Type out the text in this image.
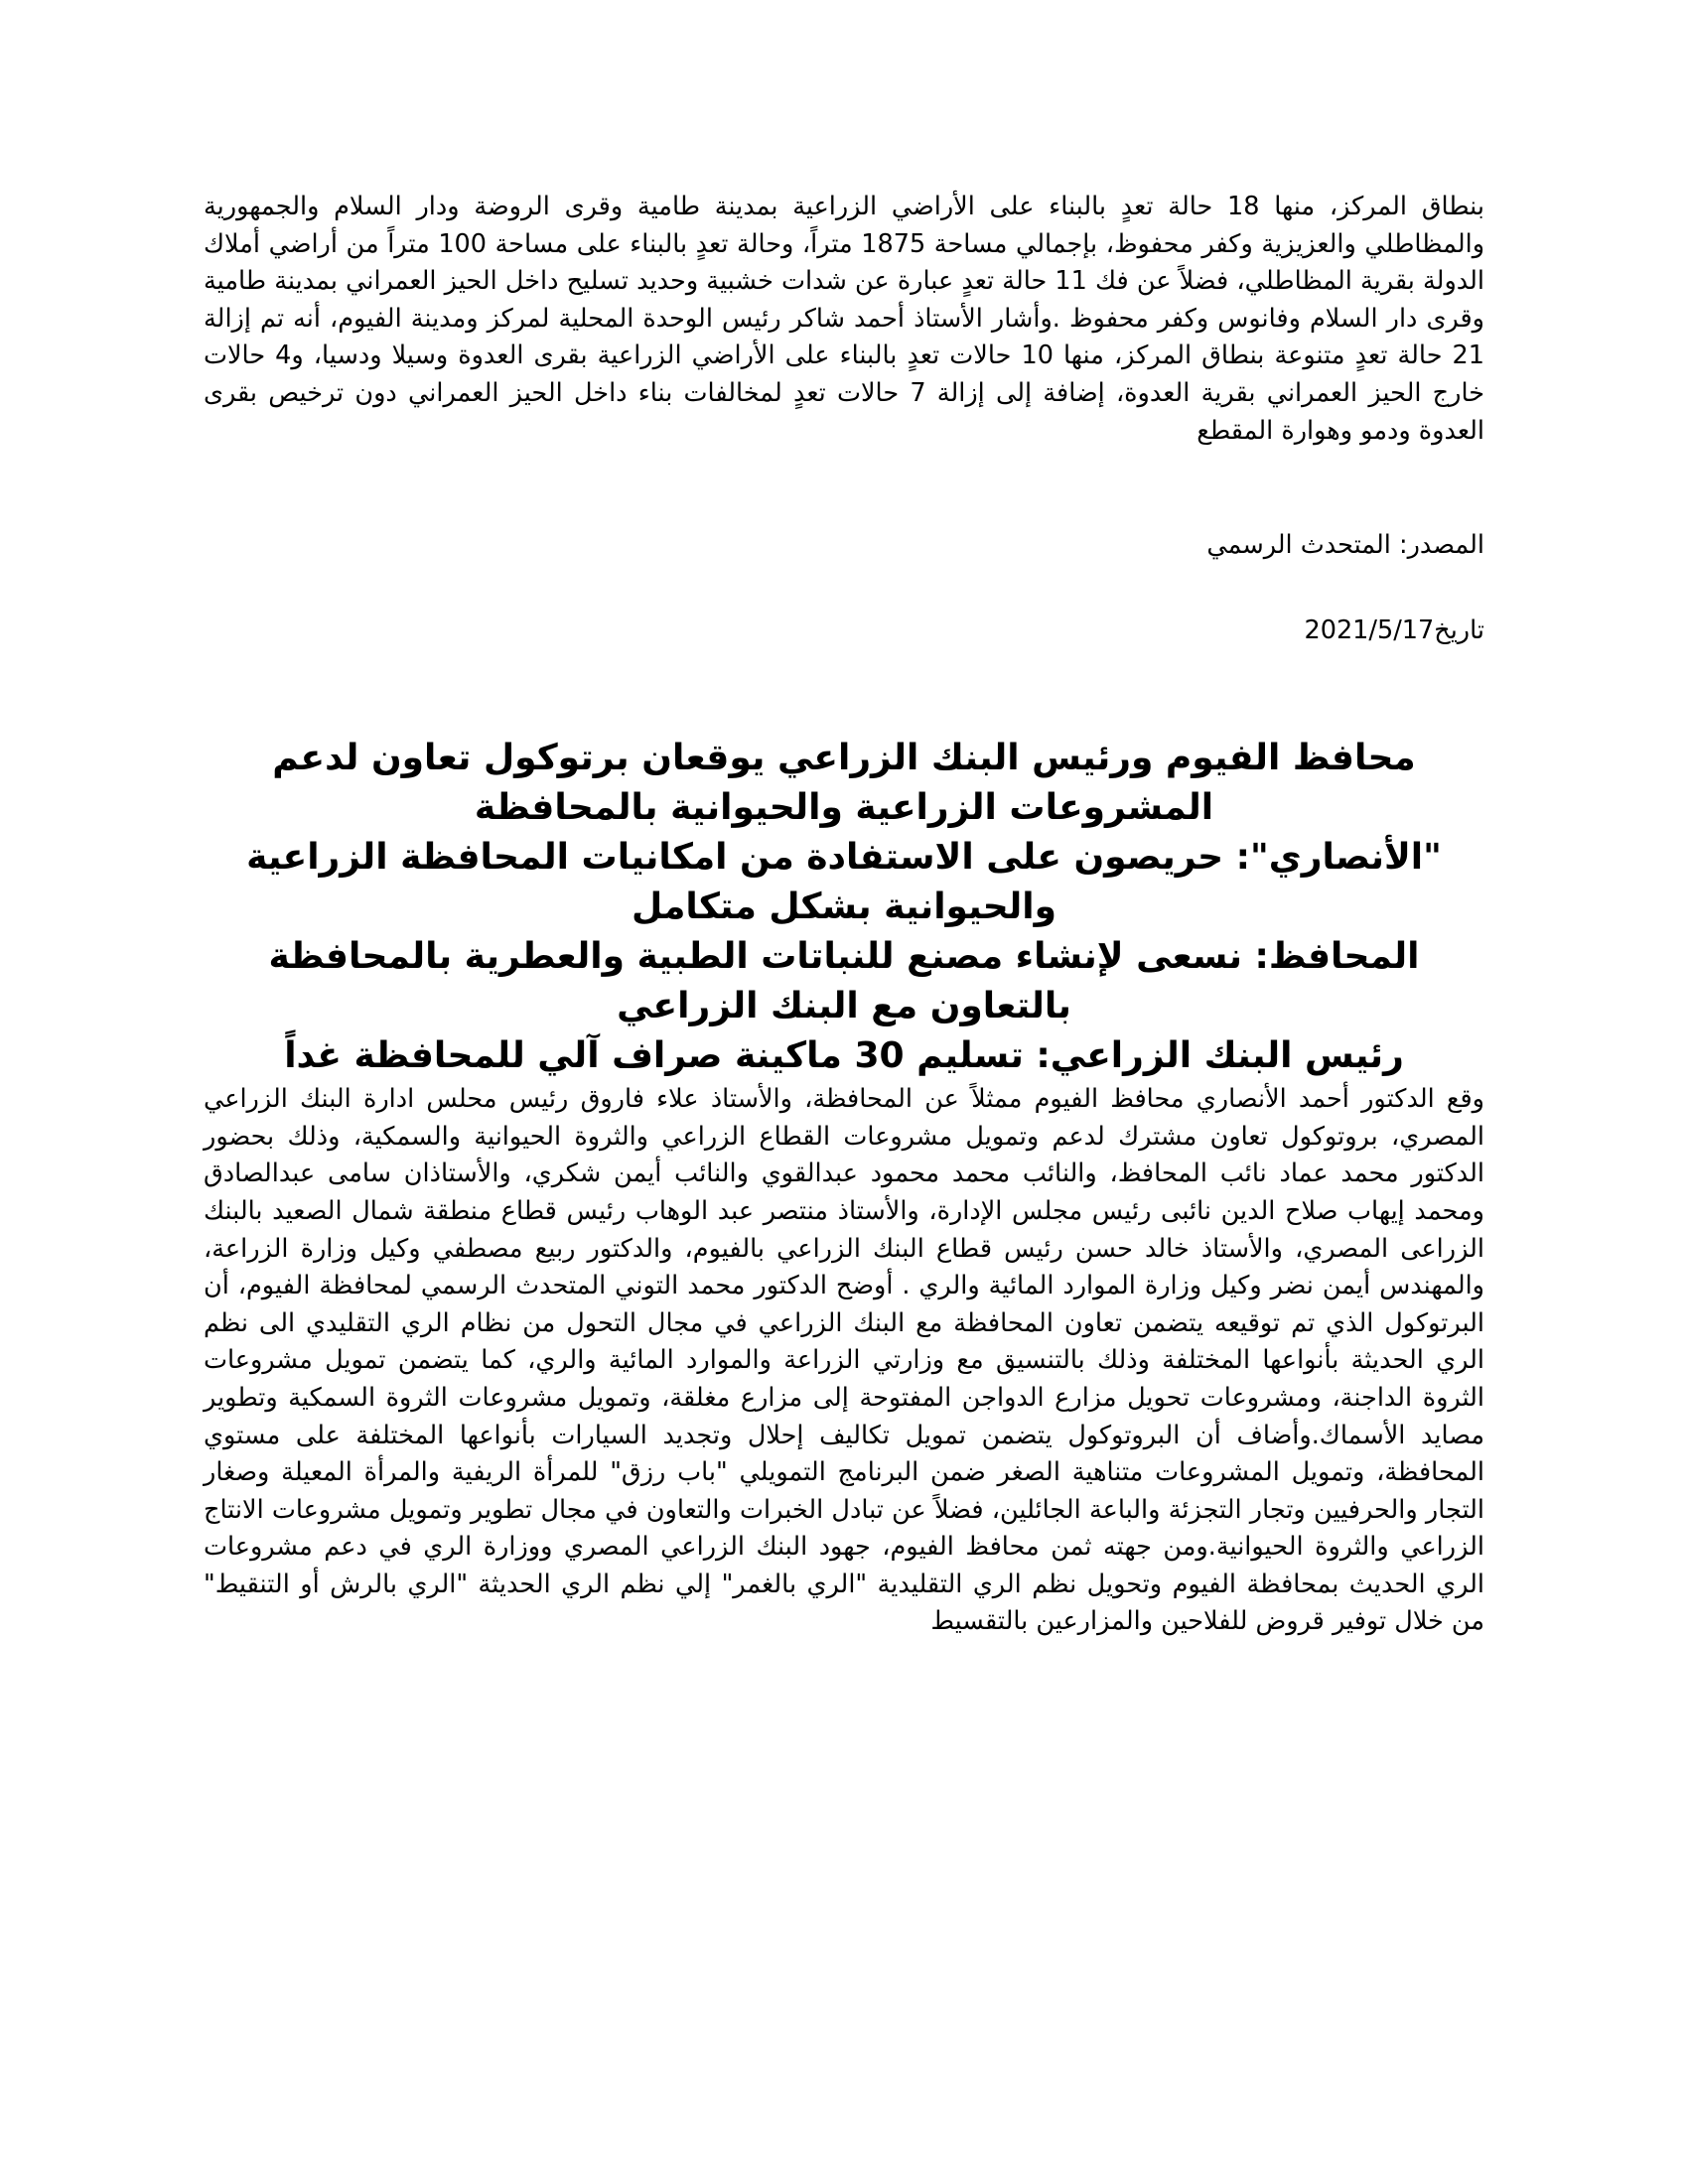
بنطاق المركز، منها 18 حالة تعدٍ بالبناء على الأراضي الزراعية بمدينة طامية وقرى الروضة ودار السلام والجمهورية والمظاطلي والعزيزية وكفر محفوظ، بإجمالي مساحة 1875 متراً، وحالة تعدٍ بالبناء على مساحة 100 متراً من أراضي أملاك الدولة بقرية المظاطلي، فضلاً عن فك 11 حالة تعدٍ عبارة عن شدات خشبية وحديد تسليح داخل الحيز العمراني بمدينة طامية وقرى دار السلام وفانوس وكفر محفوظ .وأشار الأستاذ أحمد شاكر رئيس الوحدة المحلية لمركز ومدينة الفيوم، أنه تم إزالة 21 حالة تعدٍ متنوعة بنطاق المركز، منها 10 حالات تعدٍ بالبناء على الأراضي الزراعية بقرى العدوة وسيلا ودسيا، و4 حالات خارج الحيز العمراني بقرية العدوة، إضافة إلى إزالة 7 حالات تعدٍ لمخالفات بناء داخل الحيز العمراني دون ترخيص بقرى العدوة ودمو وهوارة المقطع

المصدر: المتحدث الرسمي

تاريخ2021/5/17

محافظ الفيوم ورئيس البنك الزراعي يوقعان برتوكول تعاون لدعم المشروعات الزراعية والحيوانية بالمحافظة

"الأنصاري": حريصون على الاستفادة من امكانيات المحافظة الزراعية والحيوانية بشكل متكامل

المحافظ: نسعى لإنشاء مصنع للنباتات الطبية والعطرية بالمحافظة بالتعاون مع البنك الزراعي

رئيس البنك الزراعي: تسليم 30 ماكينة صراف آلي للمحافظة غداً

وقع الدكتور أحمد الأنصاري محافظ الفيوم ممثلاً عن المحافظة، والأستاذ علاء فاروق رئيس محلس ادارة البنك الزراعي المصري، بروتوكول تعاون مشترك لدعم وتمويل مشروعات القطاع الزراعي والثروة الحيوانية والسمكية، وذلك بحضور الدكتور محمد عماد نائب المحافظ، والنائب محمد محمود عبدالقوي والنائب أيمن شكري، والأستاذان سامى عبدالصادق ومحمد إيهاب صلاح الدين نائبى رئيس مجلس الإدارة، والأستاذ منتصر عبد الوهاب رئيس قطاع منطقة شمال الصعيد بالبنك الزراعى المصري، والأستاذ خالد حسن رئيس قطاع البنك الزراعي بالفيوم، والدكتور ربيع مصطفي وكيل وزارة الزراعة، والمهندس أيمن نضر وكيل وزارة الموارد المائية والري . أوضح الدكتور محمد التوني المتحدث الرسمي لمحافظة الفيوم، أن البرتوكول الذي تم توقيعه يتضمن تعاون المحافظة مع البنك الزراعي في مجال التحول من نظام الري التقليدي الى نظم الري الحديثة بأنواعها المختلفة وذلك بالتنسيق مع وزارتي الزراعة والموارد المائية والري، كما يتضمن تمويل مشروعات الثروة الداجنة، ومشروعات تحويل مزارع الدواجن المفتوحة إلى مزارع مغلقة، وتمويل مشروعات الثروة السمكية وتطوير مصايد الأسماك.وأضاف أن البروتوكول يتضمن تمويل تكاليف إحلال وتجديد السيارات بأنواعها المختلفة على مستوي المحافظة، وتمويل المشروعات متناهية الصغر ضمن البرنامج التمويلي "باب رزق" للمرأة الريفية والمرأة المعيلة وصغار التجار والحرفيين وتجار التجزئة والباعة الجائلين، فضلاً عن تبادل الخبرات والتعاون في مجال تطوير وتمويل مشروعات الانتاج الزراعي والثروة الحيوانية.ومن جهته ثمن محافظ الفيوم، جهود البنك الزراعي المصري ووزارة الري في دعم مشروعات الري الحديث بمحافظة الفيوم وتحويل نظم الري التقليدية "الري بالغمر" إلي نظم الري الحديثة "الري بالرش أو التنقيط" من خلال توفير قروض للفلاحين والمزارعين بالتقسيط
